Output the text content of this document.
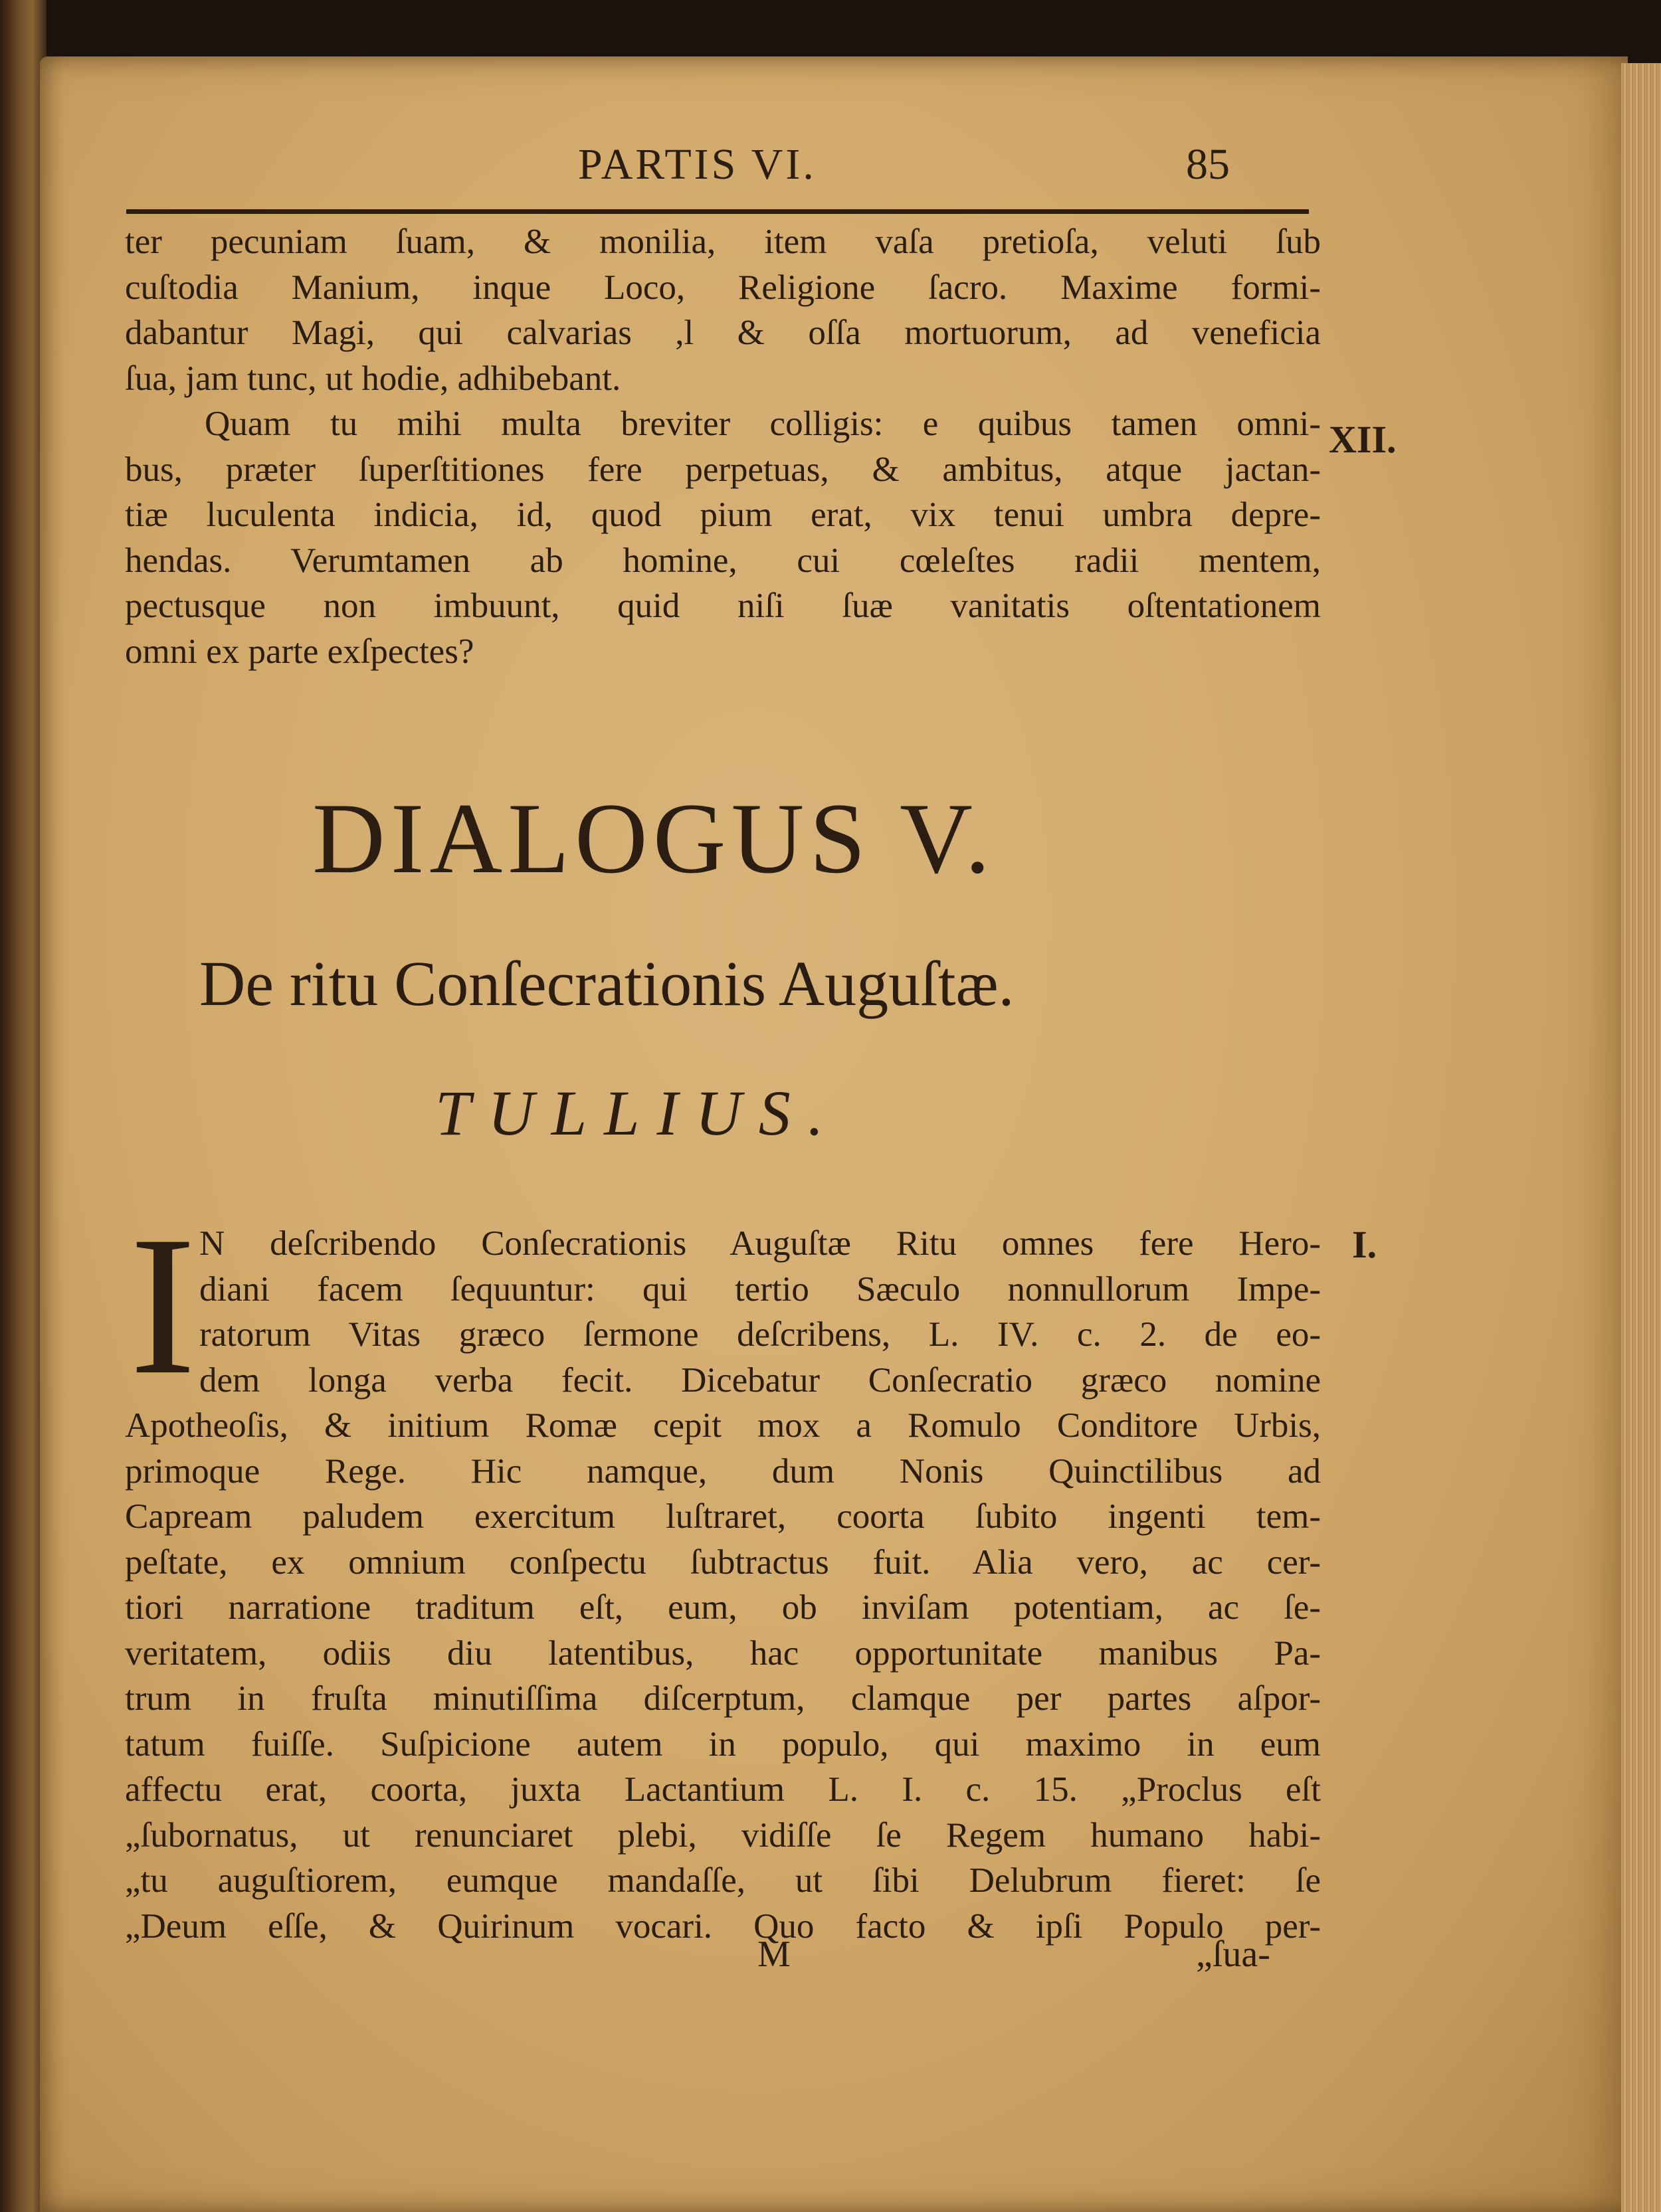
PARTIS VI.	85
ter pecuniam ſuam, & monilia, item vaſa pretioſa, veluti ſub
cuſtodia Manium, inque Loco, Religione ſacro. Maxime formi-
dabantur Magi, qui calvarias ,l & oſſa mortuorum, ad veneficia
ſua, jam tunc, ut hodie, adhibebant.
Quam tu mihi multa breviter colligis: e quibus tamen omni-
bus, præter ſuperſtitiones fere perpetuas, & ambitus, atque jactan-
tiæ luculenta indicia, id, quod pium erat, vix tenui umbra depre-
hendas. Verumtamen ab homine, cui cœleſtes radii mentem,
pectusque non imbuunt, quid niſi ſuæ vanitatis oſtentationem
omni ex parte exſpectes?
XII.
DIALOGUS V.
De ritu Conſecrationis Auguſtæ.
TULLIUS.
I	I.
N deſcribendo Conſecrationis Auguſtæ Ritu omnes fere Hero-
diani facem ſequuntur: qui tertio Sæculo nonnullorum Impe-
ratorum Vitas græco ſermone deſcribens, L. IV. c. 2. de eo-
dem longa verba fecit. Dicebatur Conſecratio græco nomine
Apotheoſis, & initium Romæ cepit mox a Romulo Conditore Urbis,
primoque Rege. Hic namque, dum Nonis Quinctilibus ad
Capream paludem exercitum luſtraret, coorta ſubito ingenti tem-
peſtate, ex omnium conſpectu ſubtractus fuit. Alia vero, ac cer-
tiori narratione traditum eſt, eum, ob inviſam potentiam, ac ſe-
veritatem, odiis diu latentibus, hac opportunitate manibus Pa-
trum in fruſta minutiſſima diſcerptum, clamque per partes aſpor-
tatum fuiſſe. Suſpicione autem in populo, qui maximo in eum
affectu erat, coorta, juxta Lactantium L. I. c. 15. „Proclus eſt
„ſubornatus, ut renunciaret plebi, vidiſſe ſe Regem humano habi-
„tu auguſtiorem, eumque mandaſſe, ut ſibi Delubrum fieret: ſe
„Deum eſſe, & Quirinum vocari. Quo facto & ipſi Populo per-
M	„ſua-
